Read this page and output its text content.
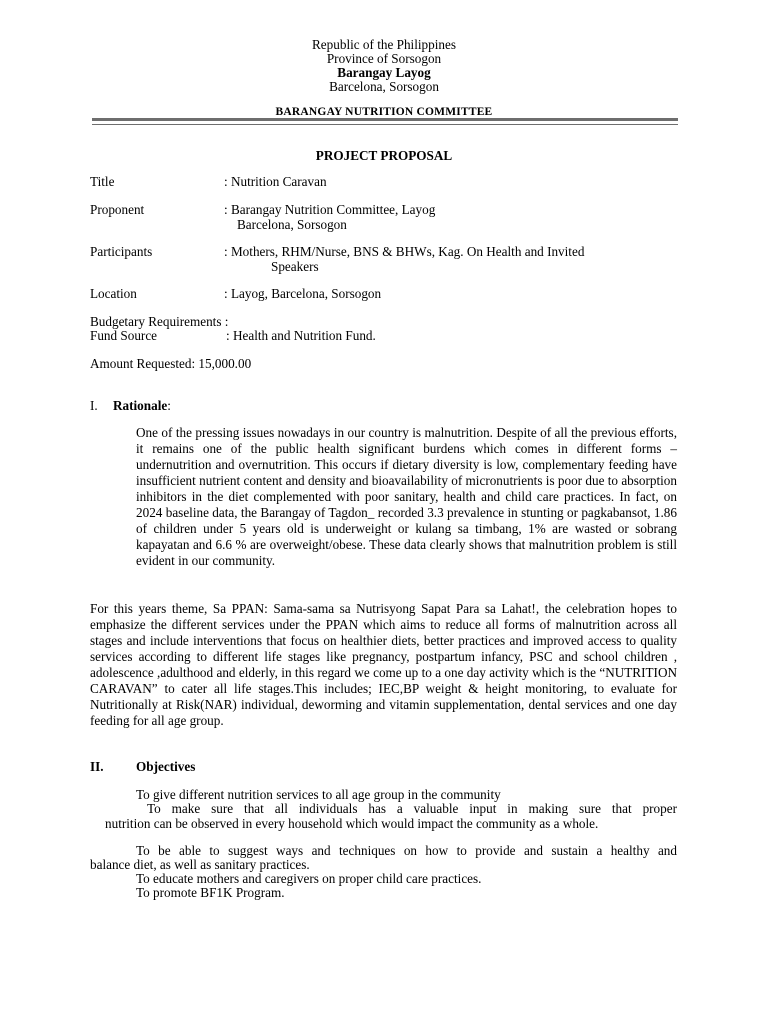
Republic of the Philippines
Province of Sorsogon
Barangay Layog
Barcelona, Sorsogon
BARANGAY NUTRITION COMMITTEE
PROJECT PROPOSAL
Title	: Nutrition Caravan
Proponent	: Barangay Nutrition Committee, Layog
Barcelona, Sorsogon
Participants	: Mothers, RHM/Nurse, BNS & BHWs, Kag. On Health and Invited
Speakers
Location	: Layog, Barcelona, Sorsogon
Budgetary Requirements :
Fund Source	: Health and Nutrition Fund.
Amount Requested: 15,000.00
I. Rationale:

One of the pressing issues nowadays in our country is malnutrition. Despite of all the previous efforts, it remains one of the public health significant burdens which comes in different forms – undernutrition and overnutrition. This occurs if dietary diversity is low, complementary feeding have insufficient nutrient content and density and bioavailability of micronutrients is poor due to absorption inhibitors in the diet complemented with poor sanitary, health and child care practices. In fact, on 2024 baseline data, the Barangay of Tagdon_ recorded 3.3 prevalence in stunting or pagkabansot, 1.86 of children under 5 years old is underweight or kulang sa timbang, 1% are wasted or sobrang kapayatan and 6.6 % are overweight/obese. These data clearly shows that malnutrition problem is still evident in our community.

For this years theme, Sa PPAN: Sama-sama sa Nutrisyong Sapat Para sa Lahat!, the celebration hopes to emphasize the different services under the PPAN which aims to reduce all forms of malnutrition across all stages and include interventions that focus on healthier diets, better practices and improved access to quality services according to different life stages like pregnancy, postpartum infancy, PSC and school children , adolescence ,adulthood and elderly, in this regard we come up to a one day activity which is the “NUTRITION CARAVAN” to cater all life stages.This includes; IEC,BP weight & height monitoring, to evaluate for Nutritionally at Risk(NAR) individual, deworming and vitamin supplementation, dental services and one day feeding for all age group.

II. Objectives
To give different nutrition services to all age group in the community
To make sure that all individuals has a valuable input in making sure that proper
nutrition can be observed in every household which would impact the community as a whole.
To be able to suggest ways and techniques on how to provide and sustain a healthy and
balance diet, as well as sanitary practices.
To educate mothers and caregivers on proper child care practices.
To promote BF1K Program.
